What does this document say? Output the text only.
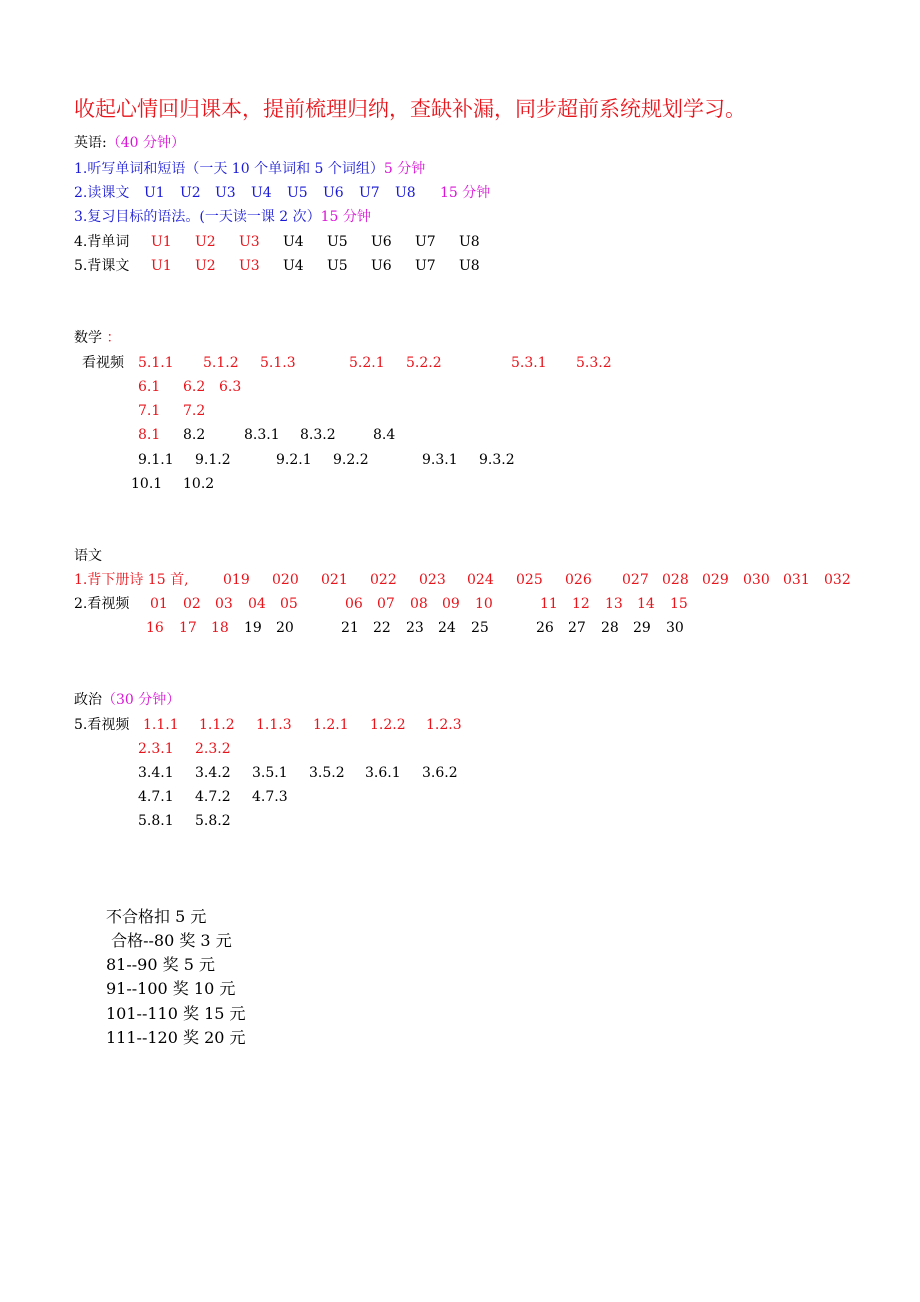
收起心情回归课本，提前梳理归纳，查缺补漏，同步超前系统规划学习。
英语:（40 分钟）
1.听写单词和短语（一天 10 个单词和 5 个词组）5 分钟
2.读课文 U1 U2 U3 U4 U5 U6 U7 U8 15 分钟
3.复习目标的语法。(一天读一课 2 次）15 分钟
4.背单词 U1 U2 U3 U4 U5 U6 U7 U8
5.背课文 U1 U2 U3 U4 U5 U6 U7 U8
数学 ：
看视频 5.1.1 5.1.2 5.1.3	5.2.1 5.2.2	5.3.1 5.3.2
6.1 6.2 6.3
7.1 7.2
8.1 8.2	8.3.1 8.3.2	8.4
9.1.1 9.1.2	9.2.1 9.2.2	9.3.1 9.3.2
10.1 10.2
语文
1.背下册诗 15 首, 019 020 021 022 023 024 025 026 027 028 029 030 031 032
2.看视频 01 02 03 04 05	06 07 08 09 10	11 12 13 14 15
16 17 18 19 20	21 22 23 24 25	26 27 28 29 30
政治（30 分钟）
5.看视频 1.1.1 1.1.2 1.1.3 1.2.1 1.2.2 1.2.3
2.3.1 2.3.2
3.4.1 3.4.2 3.5.1 3.5.2 3.6.1 3.6.2
4.7.1 4.7.2 4.7.3
5.8.1 5.8.2
不合格扣 5 元
合格--80 奖 3 元
81--90 奖 5 元
91--100 奖 10 元
101--110 奖 15 元
111--120 奖 20 元
